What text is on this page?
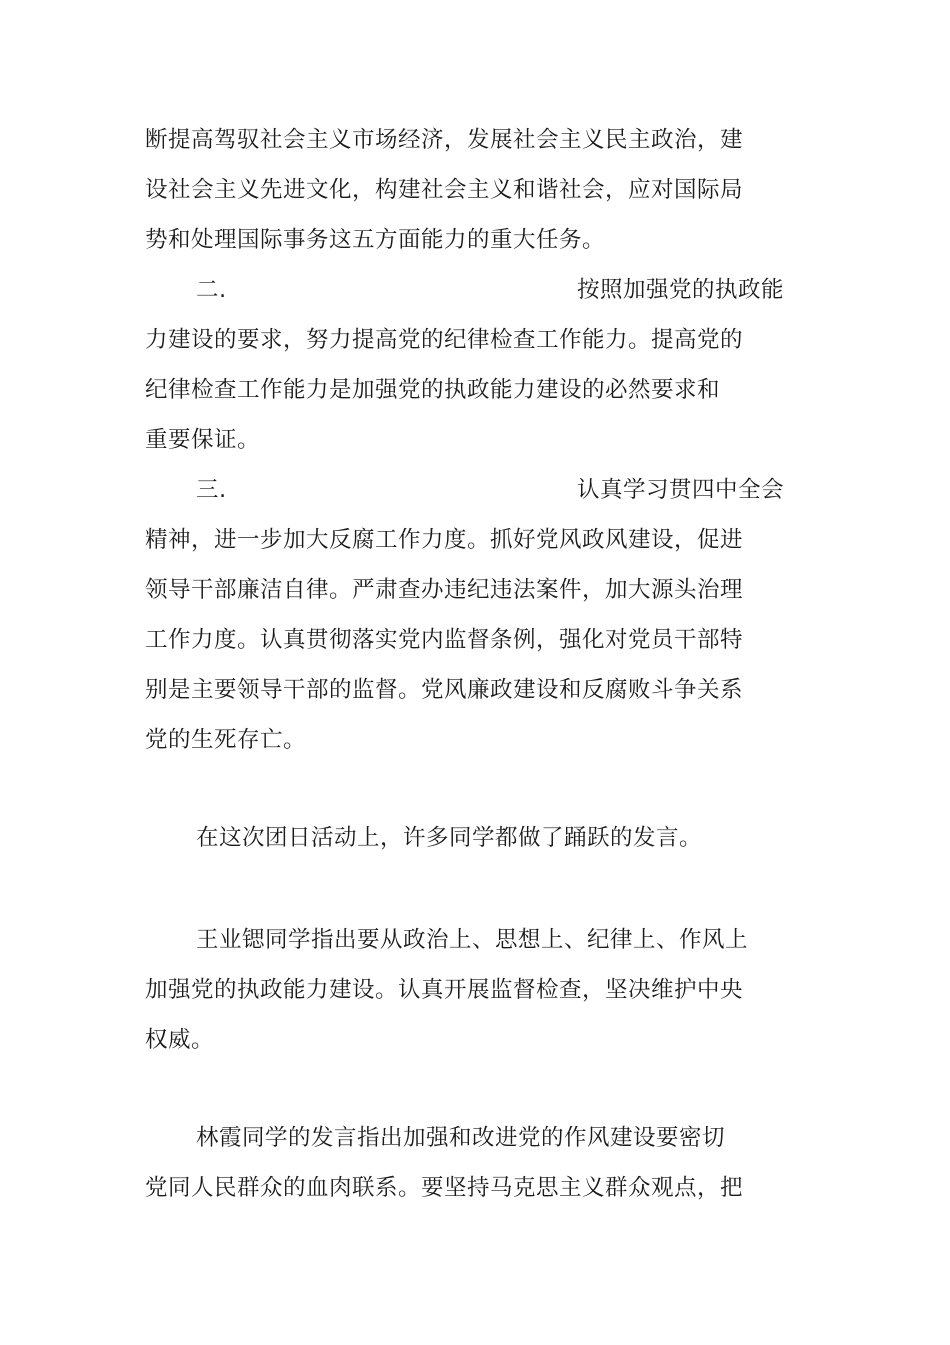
断提高驾驭社会主义市场经济，发展社会主义民主政治，建
设社会主义先进文化，构建社会主义和谐社会，应对国际局
势和处理国际事务这五方面能力的重大任务。
二.	按照加强党的执政能
力建设的要求，努力提高党的纪律检查工作能力。提高党的
纪律检查工作能力是加强党的执政能力建设的必然要求和
重要保证。
三.	认真学习贯四中全会
精神，进一步加大反腐工作力度。抓好党风政风建设，促进
领导干部廉洁自律。严肃查办违纪违法案件，加大源头治理
工作力度。认真贯彻落实党内监督条例，强化对党员干部特
别是主要领导干部的监督。党风廉政建设和反腐败斗争关系
党的生死存亡。
在这次团日活动上，许多同学都做了踊跃的发言。
王业锶同学指出要从政治上、思想上、纪律上、作风上
加强党的执政能力建设。认真开展监督检查，坚决维护中央
权威。
林霞同学的发言指出加强和改进党的作风建设要密切
党同人民群众的血肉联系。要坚持马克思主义群众观点，把
